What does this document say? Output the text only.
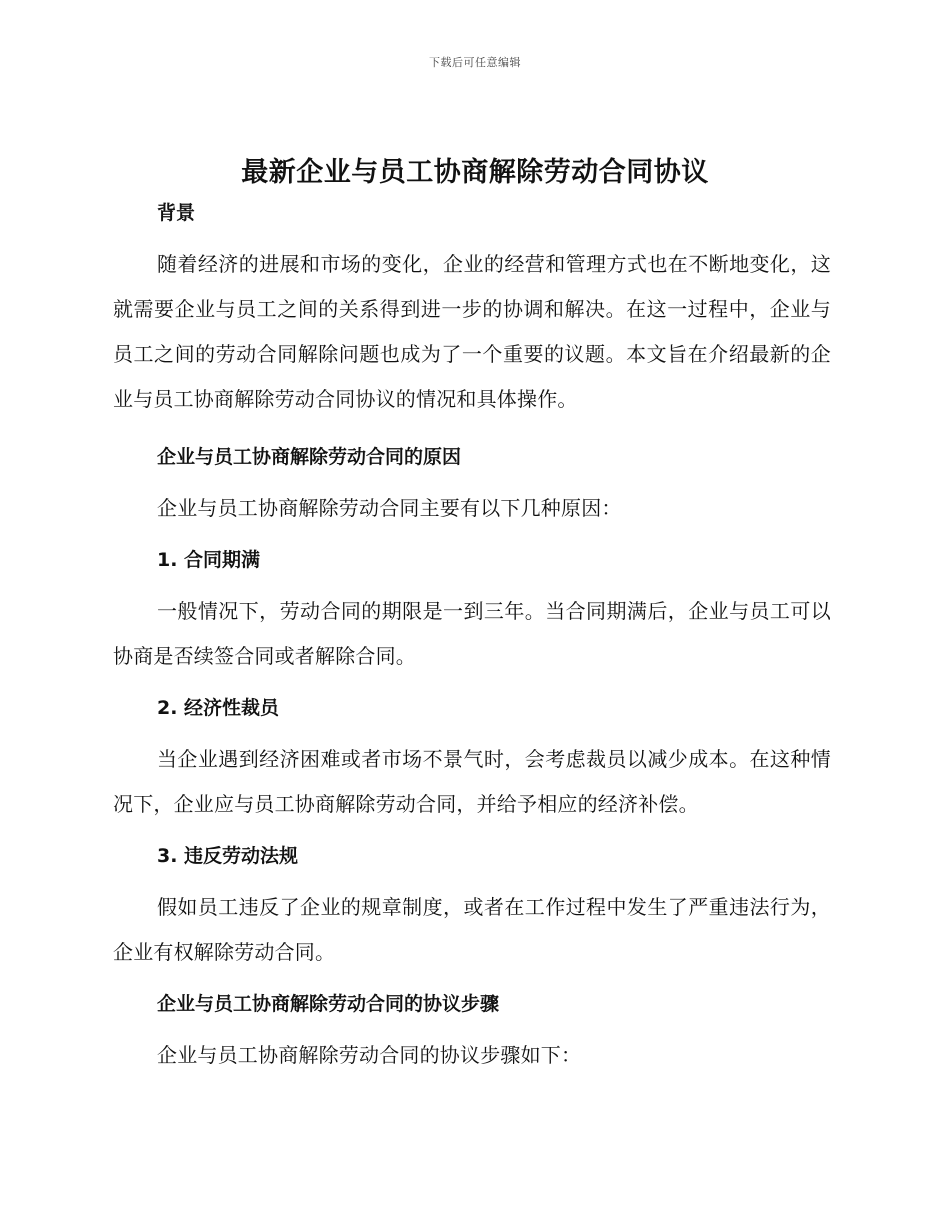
下载后可任意编辑
最新企业与员工协商解除劳动合同协议
背景

随着经济的进展和市场的变化，企业的经营和管理方式也在不断地变化，这就需要企业与员工之间的关系得到进一步的协调和解决。在这一过程中，企业与员工之间的劳动合同解除问题也成为了一个重要的议题。本文旨在介绍最新的企业与员工协商解除劳动合同协议的情况和具体操作。

企业与员工协商解除劳动合同的原因

企业与员工协商解除劳动合同主要有以下几种原因：

1. 合同期满

一般情况下，劳动合同的期限是一到三年。当合同期满后，企业与员工可以协商是否续签合同或者解除合同。

2. 经济性裁员

当企业遇到经济困难或者市场不景气时，会考虑裁员以减少成本。在这种情况下，企业应与员工协商解除劳动合同，并给予相应的经济补偿。

3. 违反劳动法规

假如员工违反了企业的规章制度，或者在工作过程中发生了严重违法行为，企业有权解除劳动合同。

企业与员工协商解除劳动合同的协议步骤

企业与员工协商解除劳动合同的协议步骤如下：
